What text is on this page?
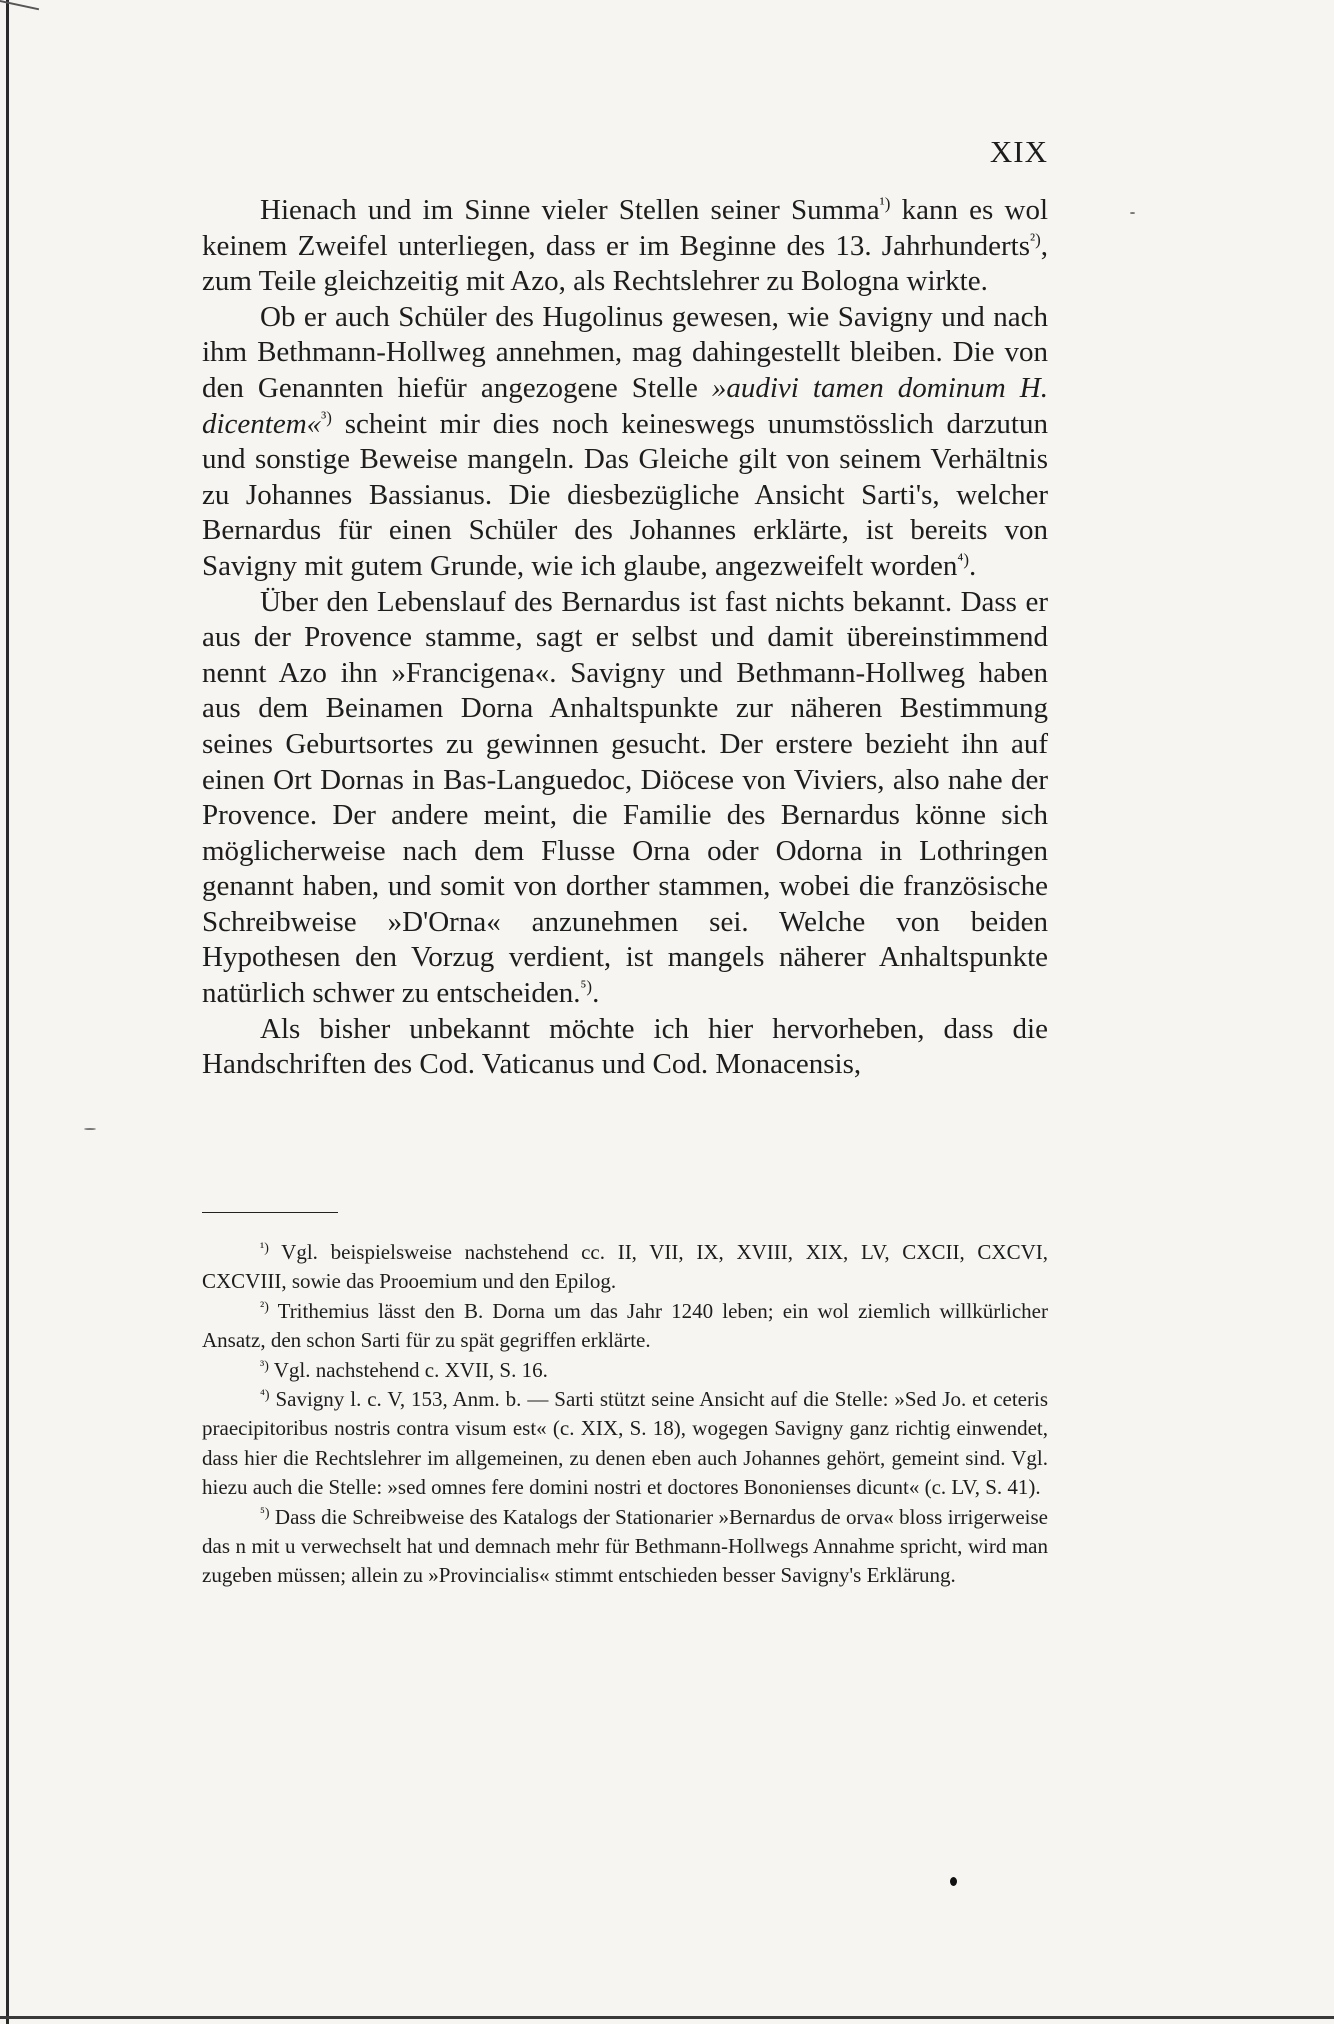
XIX

Hienach und im Sinne vieler Stellen seiner Summa$^{^1)}$ kann es wol keinem Zweifel unterliegen, dass er im Beginne des 13. Jahrhunderts$^{^2)}$, zum Teile gleichzeitig mit Azo, als Rechtslehrer zu Bologna wirkte.

Ob er auch Schüler des Hugolinus gewesen, wie Savigny und nach ihm Bethmann-Hollweg annehmen, mag dahingestellt bleiben. Die von den Genannten hiefür angezogene Stelle »audivi tamen dominum H. dicentem«$^{^3)}$ scheint mir dies noch keineswegs unumstösslich darzutun und sonstige Beweise mangeln. Das Gleiche gilt von seinem Verhältnis zu Johannes Bassianus. Die diesbezügliche Ansicht Sarti's, welcher Bernardus für einen Schüler des Johannes erklärte, ist bereits von Savigny mit gutem Grunde, wie ich glaube, angezweifelt worden$^{^4)}$.

Über den Lebenslauf des Bernardus ist fast nichts bekannt. Dass er aus der Provence stamme, sagt er selbst und damit übereinstimmend nennt Azo ihn »Francigena«. Savigny und Bethmann-Hollweg haben aus dem Beinamen Dorna Anhaltspunkte zur näheren Bestimmung seines Geburtsortes zu gewinnen gesucht. Der erstere bezieht ihn auf einen Ort Dornas in Bas-Languedoc, Diöcese von Viviers, also nahe der Provence. Der andere meint, die Familie des Bernardus könne sich möglicherweise nach dem Flusse Orna oder Odorna in Lothringen genannt haben, und somit von dorther stammen, wobei die französische Schreibweise »D'Orna« anzunehmen sei. Welche von beiden Hypothesen den Vorzug verdient, ist mangels näherer Anhaltspunkte natürlich schwer zu entscheiden.$^{^5)}$.

Als bisher unbekannt möchte ich hier hervorheben, dass die Handschriften des Cod. Vaticanus und Cod. Monacensis,

$^{^1)}$ Vgl. beispielsweise nachstehend cc. II, VII, IX, XVIII, XIX, LV, CXCII, CXCVI, CXCVIII, sowie das Prooemium und den Epilog.

$^{^2)}$ Trithemius lässt den B. Dorna um das Jahr 1240 leben; ein wol ziemlich willkürlicher Ansatz, den schon Sarti für zu spät gegriffen erklärte.

$^{^3)}$ Vgl. nachstehend c. XVII, S. 16.

$^{^4)}$ Savigny l. c. V, 153, Anm. b. — Sarti stützt seine Ansicht auf die Stelle: »Sed Jo. et ceteris praecipitoribus nostris contra visum est« (c. XIX, S. 18), wogegen Savigny ganz richtig einwendet, dass hier die Rechtslehrer im allgemeinen, zu denen eben auch Johannes gehört, gemeint sind. Vgl. hiezu auch die Stelle: »sed omnes fere domini nostri et doctores Bononienses dicunt« (c. LV, S. 41).

$^{^5)}$ Dass die Schreibweise des Katalogs der Stationarier »Bernardus de orva« bloss irrigerweise das n mit u verwechselt hat und demnach mehr für Bethmann-Hollwegs Annahme spricht, wird man zugeben müssen; allein zu »Provincialis« stimmt entschieden besser Savigny's Erklärung.
